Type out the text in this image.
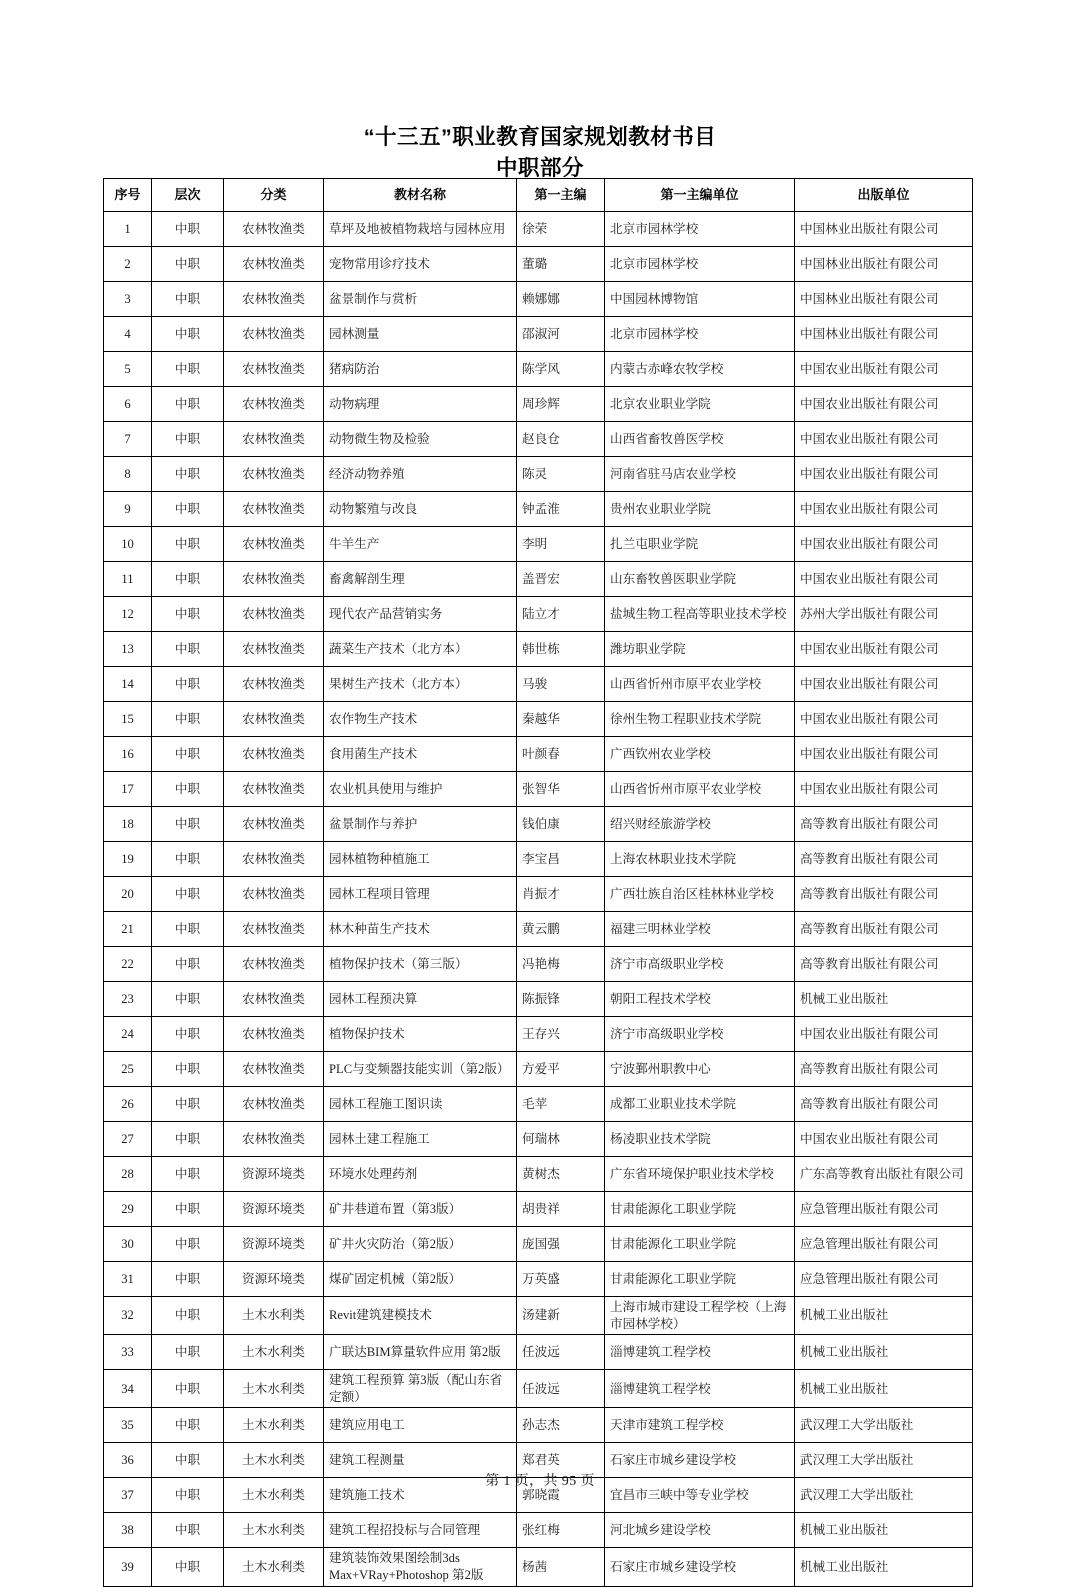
“十三五”职业教育国家规划教材书目
中职部分
序号	层次	分类	教材名称	第一主编	第一主编单位	出版单位
1	中职	农林牧渔类	草坪及地被植物栽培与园林应用	徐荣	北京市园林学校	中国林业出版社有限公司
2	中职	农林牧渔类	宠物常用诊疗技术	董璐	北京市园林学校	中国林业出版社有限公司
3	中职	农林牧渔类	盆景制作与赏析	赖娜娜	中国园林博物馆	中国林业出版社有限公司
4	中职	农林牧渔类	园林测量	邵淑河	北京市园林学校	中国林业出版社有限公司
5	中职	农林牧渔类	猪病防治	陈学风	内蒙古赤峰农牧学校	中国农业出版社有限公司
6	中职	农林牧渔类	动物病理	周珍辉	北京农业职业学院	中国农业出版社有限公司
7	中职	农林牧渔类	动物微生物及检验	赵良仓	山西省畜牧兽医学校	中国农业出版社有限公司
8	中职	农林牧渔类	经济动物养殖	陈灵	河南省驻马店农业学校	中国农业出版社有限公司
9	中职	农林牧渔类	动物繁殖与改良	钟孟淮	贵州农业职业学院	中国农业出版社有限公司
10	中职	农林牧渔类	牛羊生产	李明	扎兰屯职业学院	中国农业出版社有限公司
11	中职	农林牧渔类	畜禽解剖生理	盖晋宏	山东畜牧兽医职业学院	中国农业出版社有限公司
12	中职	农林牧渔类	现代农产品营销实务	陆立才	盐城生物工程高等职业技术学校	苏州大学出版社有限公司
13	中职	农林牧渔类	蔬菜生产技术（北方本）	韩世栋	潍坊职业学院	中国农业出版社有限公司
14	中职	农林牧渔类	果树生产技术（北方本）	马骏	山西省忻州市原平农业学校	中国农业出版社有限公司
15	中职	农林牧渔类	农作物生产技术	秦越华	徐州生物工程职业技术学院	中国农业出版社有限公司
16	中职	农林牧渔类	食用菌生产技术	叶颜春	广西钦州农业学校	中国农业出版社有限公司
17	中职	农林牧渔类	农业机具使用与维护	张智华	山西省忻州市原平农业学校	中国农业出版社有限公司
18	中职	农林牧渔类	盆景制作与养护	钱伯康	绍兴财经旅游学校	高等教育出版社有限公司
19	中职	农林牧渔类	园林植物种植施工	李宝昌	上海农林职业技术学院	高等教育出版社有限公司
20	中职	农林牧渔类	园林工程项目管理	肖振才	广西壮族自治区桂林林业学校	高等教育出版社有限公司
21	中职	农林牧渔类	林木种苗生产技术	黄云鹏	福建三明林业学校	高等教育出版社有限公司
22	中职	农林牧渔类	植物保护技术（第三版）	冯艳梅	济宁市高级职业学校	高等教育出版社有限公司
23	中职	农林牧渔类	园林工程预决算	陈振锋	朝阳工程技术学校	机械工业出版社
24	中职	农林牧渔类	植物保护技术	王存兴	济宁市高级职业学校	中国农业出版社有限公司
25	中职	农林牧渔类	PLC与变频器技能实训（第2版）	方爱平	宁波鄞州职教中心	高等教育出版社有限公司
26	中职	农林牧渔类	园林工程施工图识读	毛苹	成都工业职业技术学院	高等教育出版社有限公司
27	中职	农林牧渔类	园林土建工程施工	何瑞林	杨凌职业技术学院	中国农业出版社有限公司
28	中职	资源环境类	环境水处理药剂	黄树杰	广东省环境保护职业技术学校	广东高等教育出版社有限公司
29	中职	资源环境类	矿井巷道布置（第3版）	胡贵祥	甘肃能源化工职业学院	应急管理出版社有限公司
30	中职	资源环境类	矿井火灾防治（第2版）	庞国强	甘肃能源化工职业学院	应急管理出版社有限公司
31	中职	资源环境类	煤矿固定机械（第2版）	万英盛	甘肃能源化工职业学院	应急管理出版社有限公司
32	中职	土木水利类	Revit建筑建模技术	汤建新	上海市城市建设工程学校（上海市园林学校）	机械工业出版社
33	中职	土木水利类	广联达BIM算量软件应用 第2版	任波远	淄博建筑工程学校	机械工业出版社
34	中职	土木水利类	建筑工程预算 第3版（配山东省定额）	任波远	淄博建筑工程学校	机械工业出版社
35	中职	土木水利类	建筑应用电工	孙志杰	天津市建筑工程学校	武汉理工大学出版社
36	中职	土木水利类	建筑工程测量	郑君英	石家庄市城乡建设学校	武汉理工大学出版社
37	中职	土木水利类	建筑施工技术	郭晓霞	宜昌市三峡中等专业学校	武汉理工大学出版社
38	中职	土木水利类	建筑工程招投标与合同管理	张红梅	河北城乡建设学校	机械工业出版社
39	中职	土木水利类	建筑装饰效果图绘制3ds Max+VRay+Photoshop 第2版	杨茜	石家庄市城乡建设学校	机械工业出版社
第 1 页，共 95 页
